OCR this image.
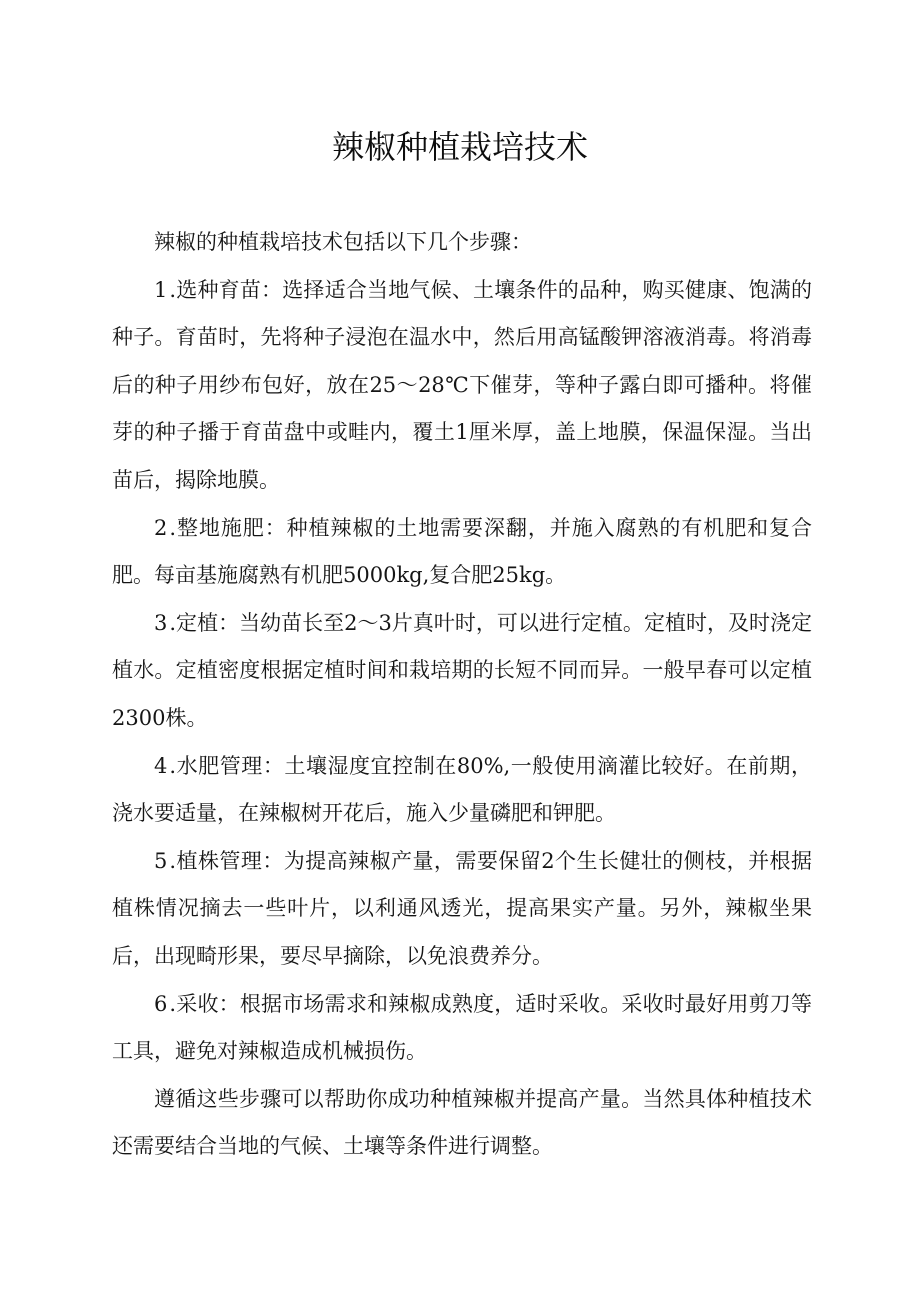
辣椒种植栽培技术

辣椒的种植栽培技术包括以下几个步骤：

1.选种育苗：选择适合当地气候、土壤条件的品种，购买健康、饱满的种子。育苗时，先将种子浸泡在温水中，然后用高锰酸钾溶液消毒。将消毒后的种子用纱布包好，放在25～28℃下催芽，等种子露白即可播种。将催芽的种子播于育苗盘中或畦内，覆土1厘米厚，盖上地膜，保温保湿。当出苗后，揭除地膜。

2.整地施肥：种植辣椒的土地需要深翻，并施入腐熟的有机肥和复合肥。每亩基施腐熟有机肥5000kg,复合肥25kg。

3.定植：当幼苗长至2～3片真叶时，可以进行定植。定植时，及时浇定植水。定植密度根据定植时间和栽培期的长短不同而异。一般早春可以定植2300株。

4.水肥管理：土壤湿度宜控制在80%,一般使用滴灌比较好。在前期，浇水要适量，在辣椒树开花后，施入少量磷肥和钾肥。

5.植株管理：为提高辣椒产量，需要保留2个生长健壮的侧枝，并根据植株情况摘去一些叶片，以利通风透光，提高果实产量。另外，辣椒坐果后，出现畸形果，要尽早摘除，以免浪费养分。

6.采收：根据市场需求和辣椒成熟度，适时采收。采收时最好用剪刀等工具，避免对辣椒造成机械损伤。

遵循这些步骤可以帮助你成功种植辣椒并提高产量。当然具体种植技术还需要结合当地的气候、土壤等条件进行调整。
